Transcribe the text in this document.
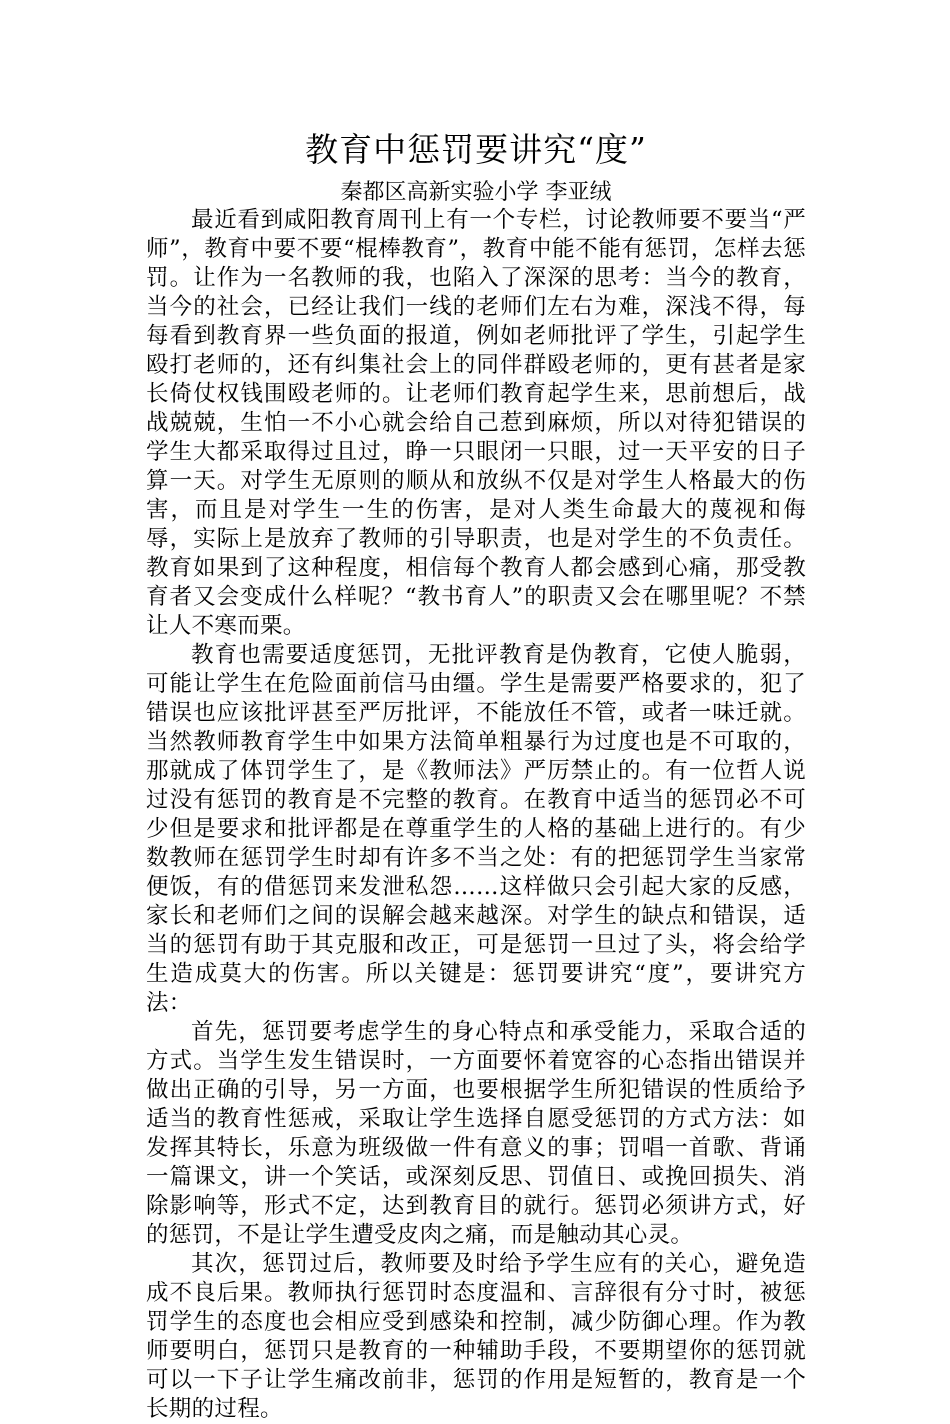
教育中惩罚要讲究“度”

秦都区高新实验小学 李亚绒

最近看到咸阳教育周刊上有一个专栏，讨论教师要不要当“严师”，教育中要不要“棍棒教育”，教育中能不能有惩罚，怎样去惩罚。让作为一名教师的我，也陷入了深深的思考：当今的教育，当今的社会，已经让我们一线的老师们左右为难，深浅不得，每每看到教育界一些负面的报道，例如老师批评了学生，引起学生殴打老师的，还有纠集社会上的同伴群殴老师的，更有甚者是家长倚仗权钱围殴老师的。让老师们教育起学生来，思前想后，战战兢兢，生怕一不小心就会给自己惹到麻烦，所以对待犯错误的学生大都采取得过且过，睁一只眼闭一只眼，过一天平安的日子算一天。对学生无原则的顺从和放纵不仅是对学生人格最大的伤害，而且是对学生一生的伤害，是对人类生命最大的蔑视和侮辱，实际上是放弃了教师的引导职责，也是对学生的不负责任。教育如果到了这种程度，相信每个教育人都会感到心痛，那受教育者又会变成什么样呢？“教书育人”的职责又会在哪里呢？不禁让人不寒而栗。

教育也需要适度惩罚，无批评教育是伪教育，它使人脆弱，可能让学生在危险面前信马由缰。学生是需要严格要求的，犯了错误也应该批评甚至严厉批评，不能放任不管，或者一味迁就。当然教师教育学生中如果方法简单粗暴行为过度也是不可取的，那就成了体罚学生了，是《教师法》严厉禁止的。有一位哲人说过没有惩罚的教育是不完整的教育。在教育中适当的惩罚必不可少但是要求和批评都是在尊重学生的人格的基础上进行的。有少数教师在惩罚学生时却有许多不当之处：有的把惩罚学生当家常便饭，有的借惩罚来发泄私怨……这样做只会引起大家的反感，家长和老师们之间的误解会越来越深。对学生的缺点和错误，适当的惩罚有助于其克服和改正，可是惩罚一旦过了头，将会给学生造成莫大的伤害。所以关键是：惩罚要讲究“度”，要讲究方法：

首先，惩罚要考虑学生的身心特点和承受能力，采取合适的方式。当学生发生错误时，一方面要怀着宽容的心态指出错误并做出正确的引导，另一方面，也要根据学生所犯错误的性质给予适当的教育性惩戒，采取让学生选择自愿受惩罚的方式方法：如发挥其特长，乐意为班级做一件有意义的事；罚唱一首歌、背诵一篇课文，讲一个笑话，或深刻反思、罚值日、或挽回损失、消除影响等，形式不定，达到教育目的就行。惩罚必须讲方式，好的惩罚，不是让学生遭受皮肉之痛，而是触动其心灵。

其次，惩罚过后，教师要及时给予学生应有的关心，避免造成不良后果。教师执行惩罚时态度温和、言辞很有分寸时，被惩罚学生的态度也会相应受到感染和控制，减少防御心理。作为教师要明白，惩罚只是教育的一种辅助手段，不要期望你的惩罚就可以一下子让学生痛改前非，惩罚的作用是短暂的，教育是一个长期的过程。
